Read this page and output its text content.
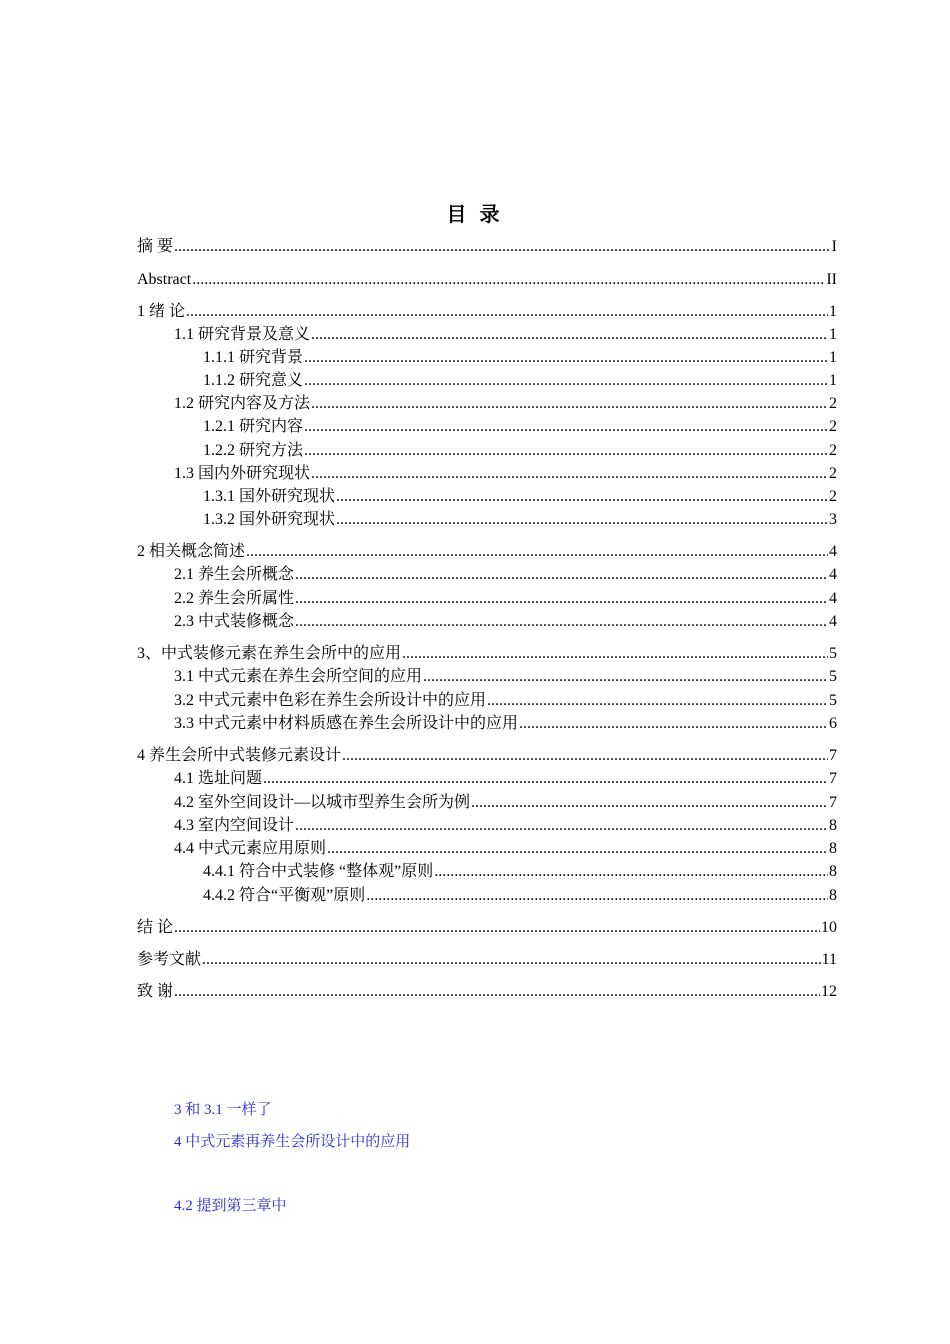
目 录
摘 要 .....	I
Abstract .....	II
1 绪 论 .....	1
1.1 研究背景及意义 .....	1
1.1.1 研究背景 .....	1
1.1.2 研究意义 .....	1
1.2 研究内容及方法 .....	2
1.2.1 研究内容 .....	2
1.2.2 研究方法 .....	2
1.3 国内外研究现状 .....	2
1.3.1 国外研究现状 .....	2
1.3.2 国外研究现状 .....	3
2 相关概念简述 .....	4
2.1 养生会所概念 .....	4
2.2 养生会所属性 .....	4
2.3 中式装修概念 .....	4
3、中式装修元素在养生会所中的应用 .....	5
3.1 中式元素在养生会所空间的应用 .....	5
3.2 中式元素中色彩在养生会所设计中的应用 .....	5
3.3 中式元素中材料质感在养生会所设计中的应用 .....	6
4 养生会所中式装修元素设计 .....	7
4.1 选址问题 .....	7
4.2 室外空间设计—以城市型养生会所为例 .....	7
4.3 室内空间设计 .....	8
4.4 中式元素应用原则 .....	8
4.4.1 符合中式装修 “整体观”原则 .....	8
4.4.2 符合“平衡观”原则 .....	8
结 论 .....	10
参考文献 .....	11
致 谢 .....	12
3 和 3.1 一样了
4 中式元素再养生会所设计中的应用
4.2 提到第三章中
